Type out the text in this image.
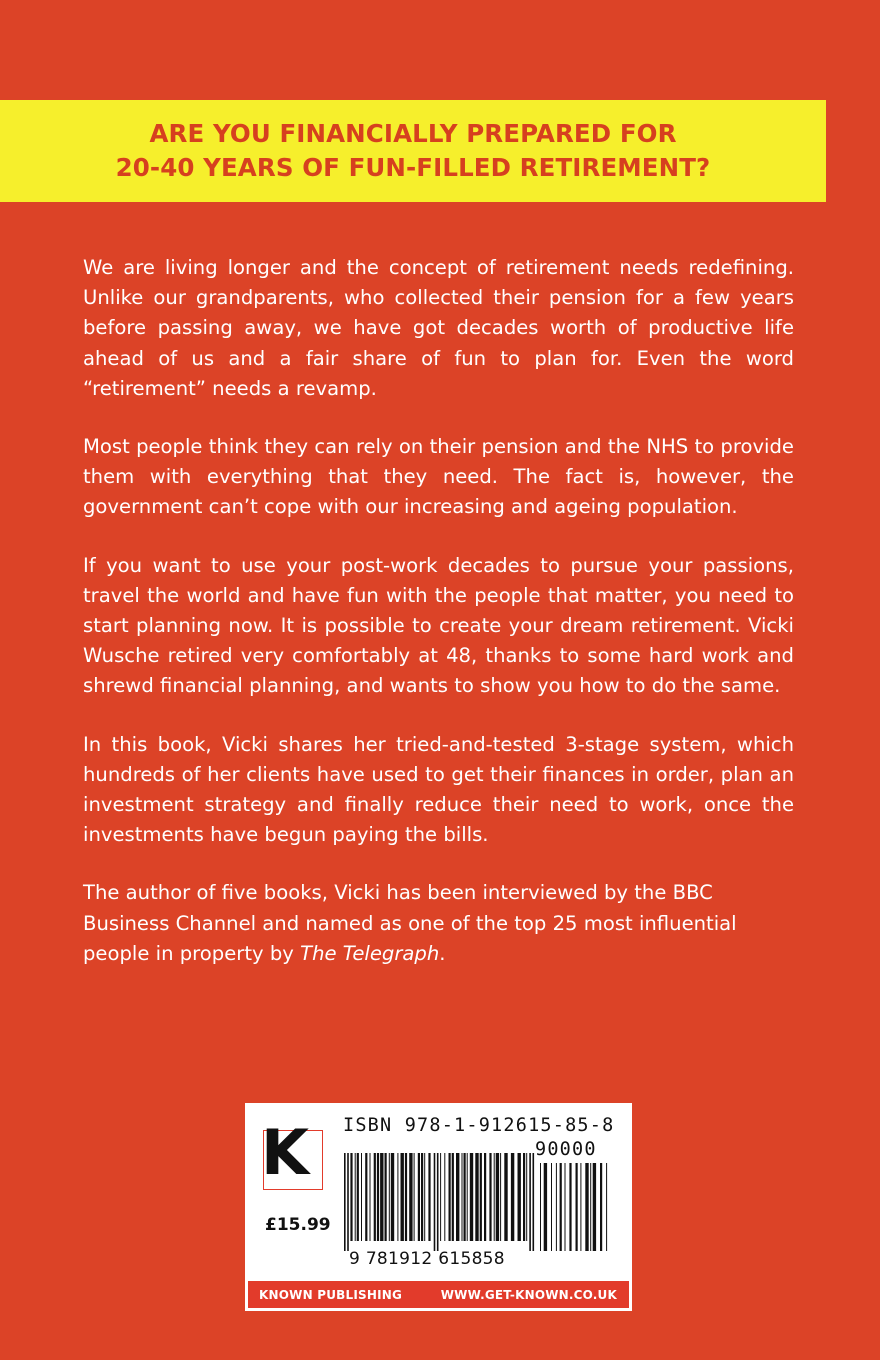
ARE YOU FINANCIALLY PREPARED FOR
20-40 YEARS OF FUN-FILLED RETIREMENT?

We are living longer and the concept of retirement needs redefining. Unlike our grandparents, who collected their pension for a few years before passing away, we have got decades worth of productive life ahead of us and a fair share of fun to plan for. Even the word “retirement” needs a revamp.

Most people think they can rely on their pension and the NHS to provide them with everything that they need. The fact is, however, the government can’t cope with our increasing and ageing population.

If you want to use your post-work decades to pursue your passions, travel the world and have fun with the people that matter, you need to start planning now. It is possible to create your dream retirement. Vicki Wusche retired very comfortably at 48, thanks to some hard work and shrewd financial planning, and wants to show you how to do the same.

In this book, Vicki shares her tried-and-tested 3-stage system, which hundreds of her clients have used to get their finances in order, plan an investment strategy and finally reduce their need to work, once the investments have begun paying the bills.

The author of five books, Vicki has been interviewed by the BBC Business Channel and named as one of the top 25 most influential people in property by The Telegraph.

K
£15.99
ISBN 978-1-912615-85-8
90000
9 781912 615858
KNOWN PUBLISHING	WWW.GET-KNOWN.CO.UK
